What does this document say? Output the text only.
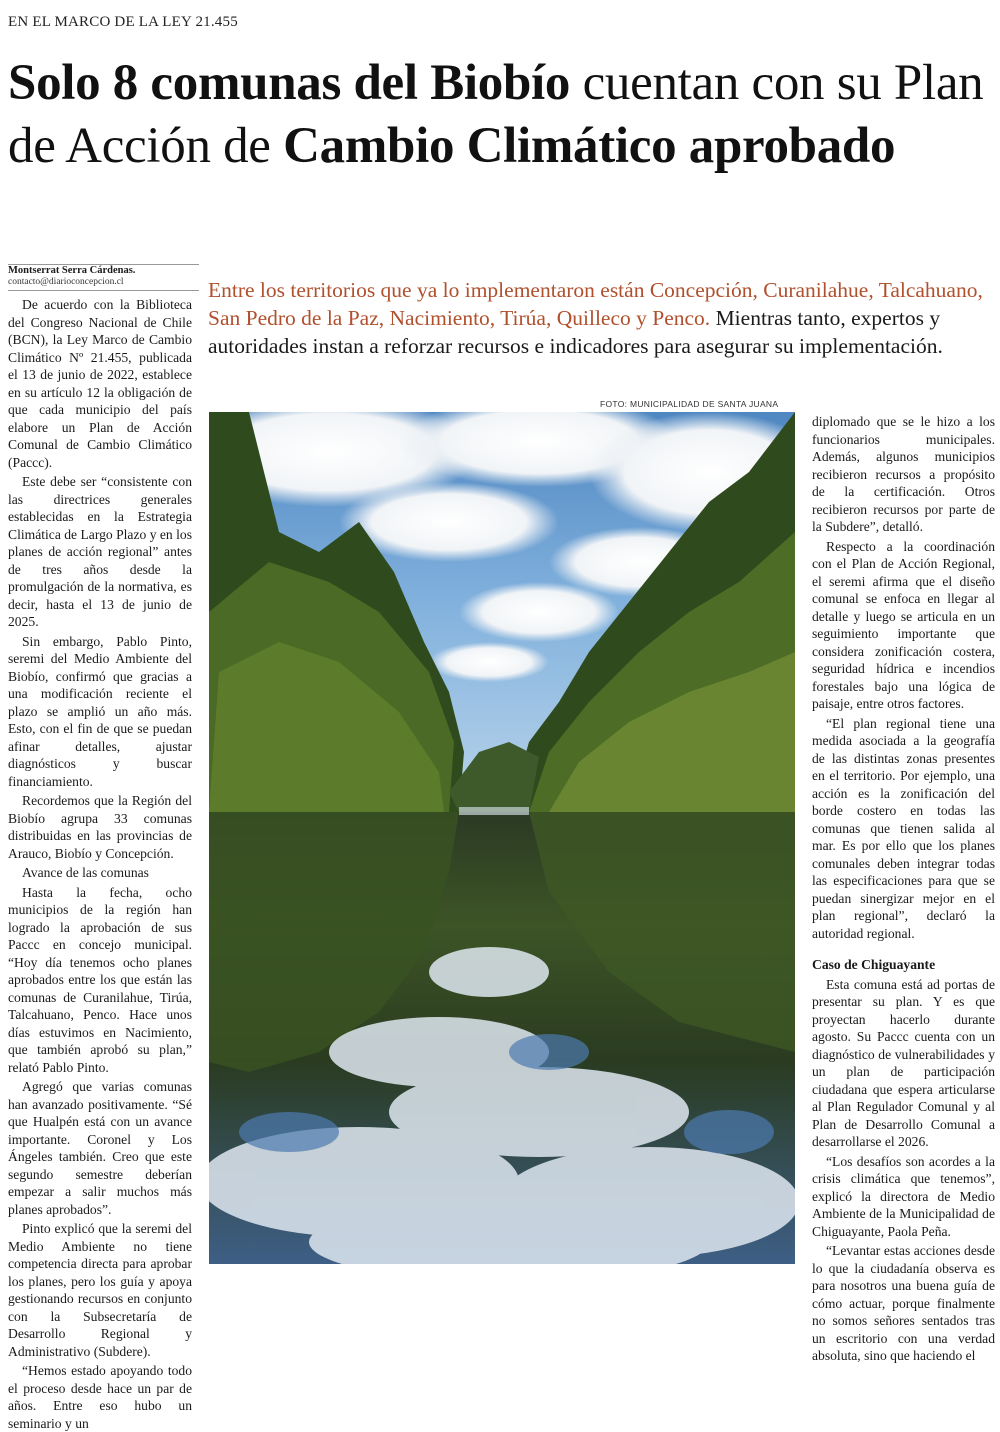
EN EL MARCO DE LA LEY 21.455
Solo 8 comunas del Biobío cuentan con su Plan de Acción de Cambio Climático aprobado
Montserrat Serra Cárdenas.
contacto@diarioconcepcion.cl	Entre los territorios que ya lo implementaron están Concepción, Curanilahue, Talcahuano, San Pedro de la Paz, Nacimiento, Tirúa, Quilleco y Penco. Mientras tanto, expertos y autoridades instan a reforzar recursos e indicadores para asegurar su implementación.

De acuerdo con la Biblioteca del Congreso Nacional de Chile (BCN), la Ley Marco de Cambio Climático Nº 21.455, publicada el 13 de junio de 2022, establece en su artículo 12 la obligación de que cada municipio del país elabore un Plan de Acción Comunal de Cambio Climático (Paccc).

Este debe ser “consistente con las directrices generales establecidas en la Estrategia Climática de Largo Plazo y en los planes de acción regional” antes de tres años desde la promulgación de la normativa, es decir, hasta el 13 de junio de 2025.

Sin embargo, Pablo Pinto, seremi del Medio Ambiente del Biobío, confirmó que gracias a una modificación reciente el plazo se amplió un año más. Esto, con el fin de que se puedan afinar detalles, ajustar diagnósticos y buscar financiamiento.

Recordemos que la Región del Biobío agrupa 33 comunas distribuidas en las provincias de Arauco, Biobío y Concepción.

Avance de las comunas

Hasta la fecha, ocho municipios de la región han logrado la aprobación de sus Paccc en concejo municipal. “Hoy día tenemos ocho planes aprobados entre los que están las comunas de Curanilahue, Tirúa, Talcahuano, Penco. Hace unos días estuvimos en Nacimiento, que también aprobó su plan,” relató Pablo Pinto.

Agregó que varias comunas han avanzado positivamente. “Sé que Hualpén está con un avance importante. Coronel y Los Ángeles también. Creo que este segundo semestre deberían empezar a salir muchos más planes aprobados”.

Pinto explicó que la seremi del Medio Ambiente no tiene competencia directa para aprobar los planes, pero los guía y apoya gestionando recursos en conjunto con la Subsecretaría de Desarrollo Regional y Administrativo (Subdere).

“Hemos estado apoyando todo el proceso desde hace un par de años. Entre eso hubo un seminario y un

FOTO: MUNICIPALIDAD DE SANTA JUANA

diplomado que se le hizo a los funcionarios municipales. Además, algunos municipios recibieron recursos a propósito de la certificación. Otros recibieron recursos por parte de la Subdere”, detalló.

Respecto a la coordinación con el Plan de Acción Regional, el seremi afirma que el diseño comunal se enfoca en llegar al detalle y luego se articula en un seguimiento importante que considera zonificación costera, seguridad hídrica e incendios forestales bajo una lógica de paisaje, entre otros factores.

“El plan regional tiene una medida asociada a la geografía de las distintas zonas presentes en el territorio. Por ejemplo, una acción es la zonificación del borde costero en todas las comunas que tienen salida al mar. Es por ello que los planes comunales deben integrar todas las especificaciones para que se puedan sinergizar mejor en el plan regional”, declaró la autoridad regional.

Caso de Chiguayante

Esta comuna está ad portas de presentar su plan. Y es que proyectan hacerlo durante agosto. Su Paccc cuenta con un diagnóstico de vulnerabilidades y un plan de participación ciudadana que espera articularse al Plan Regulador Comunal y al Plan de Desarrollo Comunal a desarrollarse el 2026.

“Los desafíos son acordes a la crisis climática que tenemos”, explicó la directora de Medio Ambiente de la Municipalidad de Chiguayante, Paola Peña.

“Levantar estas acciones desde lo que la ciudadanía observa es para nosotros una buena guía de cómo actuar, porque finalmente no somos señores sentados tras un escritorio con una verdad absoluta, sino que haciendo el
